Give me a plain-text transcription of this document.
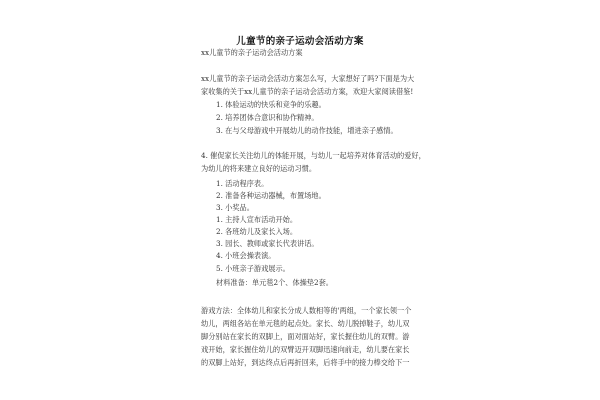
儿童节的亲子运动会活动方案
xx儿童节的亲子运动会活动方案
xx儿童节的亲子运动会活动方案怎么写，大家想好了吗?下面是为大
家收集的关于xx儿童节的亲子运动会活动方案，欢迎大家阅读借鉴!
1. 体验运动的快乐和竞争的乐趣。
2. 培养团体合意识和协作精神。
3. 在与父母游戏中开展幼儿的动作技能，增进亲子感情。
4. 催促家长关注幼儿的体能开展，与幼儿一起培养对体育活动的爱好，
为幼儿的将来建立良好的运动习惯。
1. 活动程序表。
2. 准备各种运动器械，布置场地。
3. 小奖品。
1. 主持人宣布活动开始。
2. 各班幼儿及家长入场。
3. 园长、教师或家长代表讲话。
4. 小班会操表演。
5. 小班亲子游戏展示。
材料准备：单元毯2个、体操垫2套。
游戏方法：全体幼儿和家长分成人数相等的'两组，一个家长领一个
幼儿，两组各站在单元毯的起点处。家长、幼儿脱掉鞋子，幼儿双
脚分别站在家长的双脚上，面对面站好，家长握住幼儿的双臂。游
戏开始，家长握住幼儿的双臂迈开双脚迅速向前走，幼儿要在家长
的双脚上站好，到达终点后再折回来，后将手中的接力棒交给下一
